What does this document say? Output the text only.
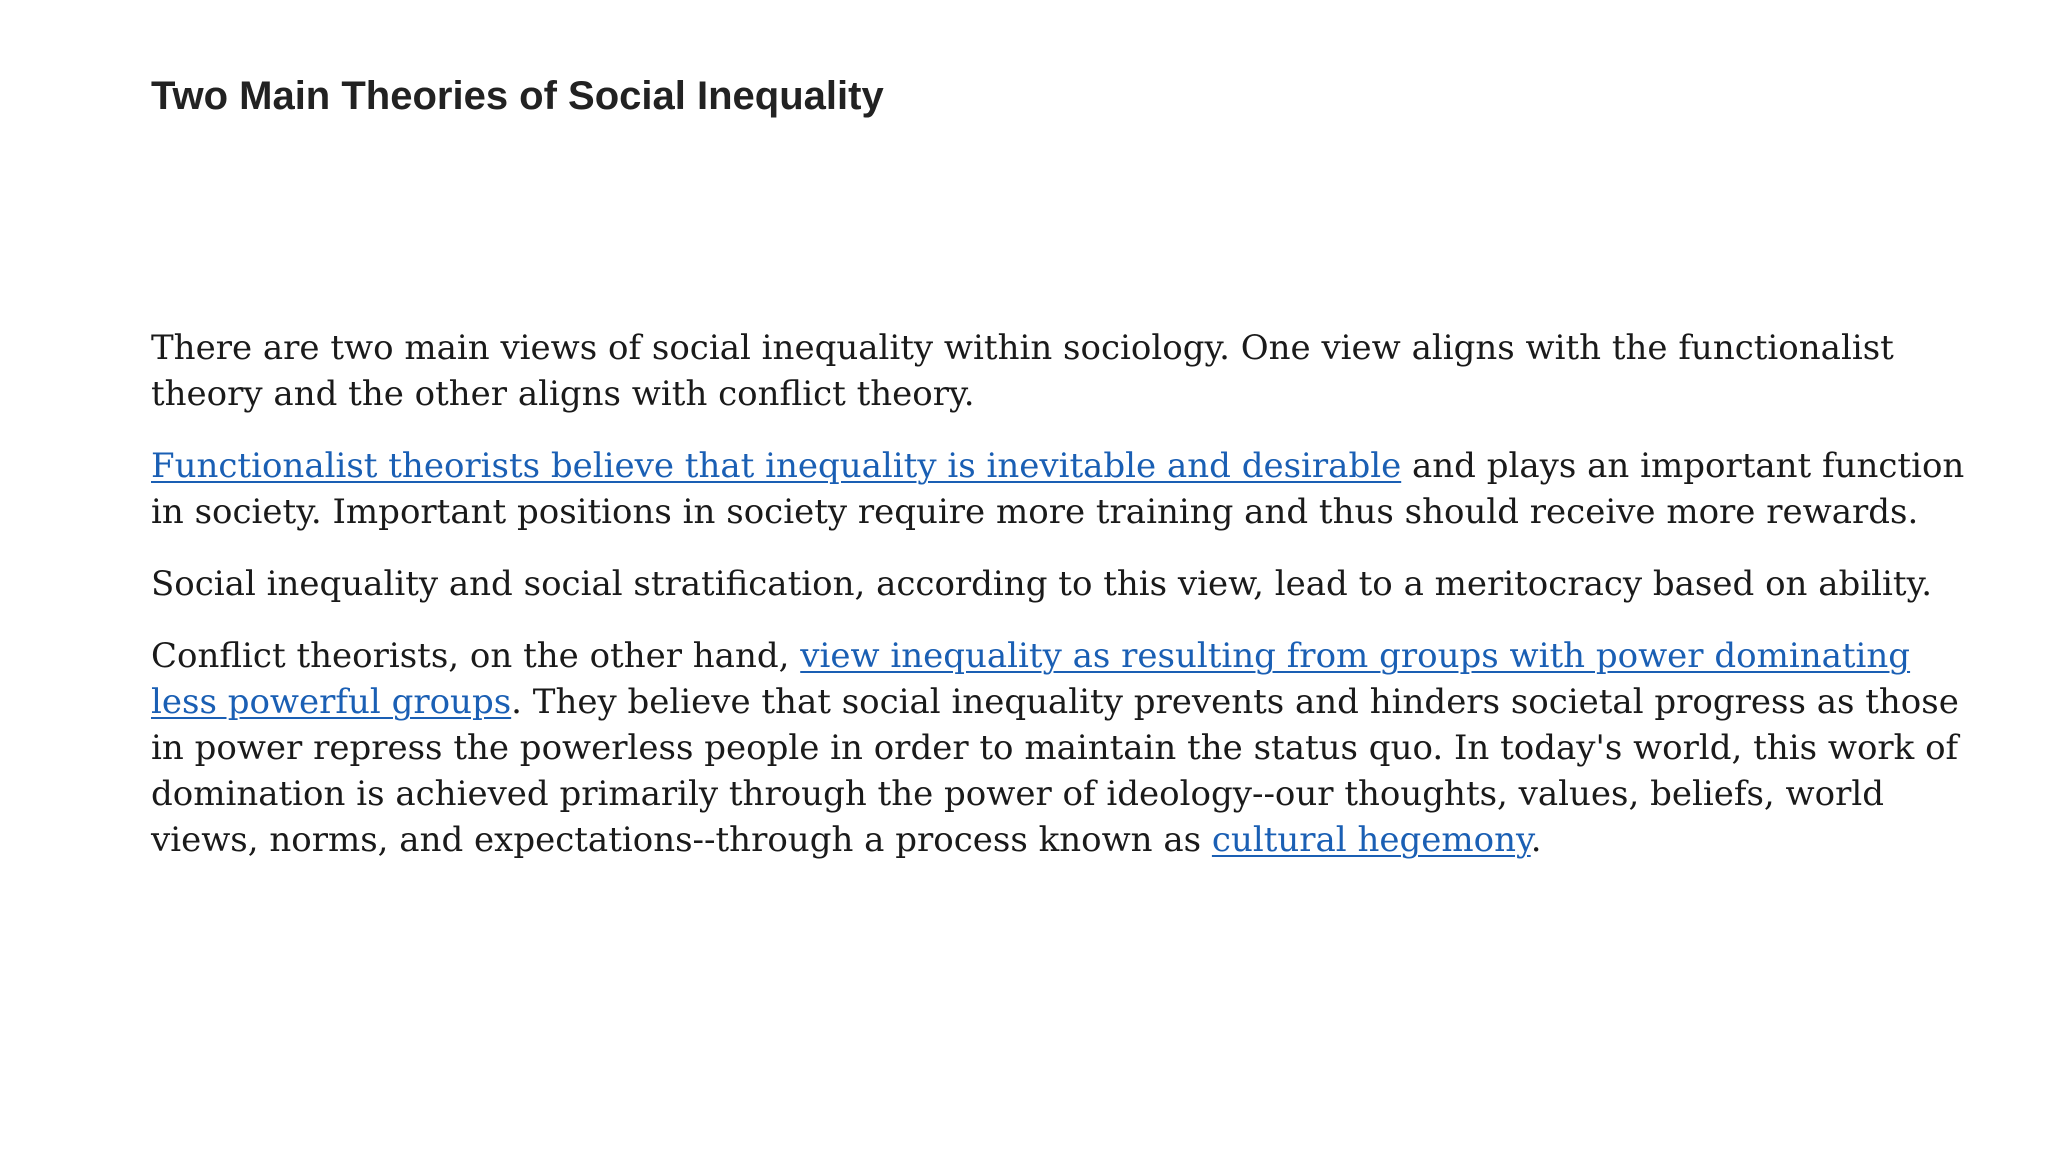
Two Main Theories of Social Inequality

There are two main views of social inequality within sociology. One view aligns with the functionalist theory and the other aligns with conflict theory.

Functionalist theorists believe that inequality is inevitable and desirable and plays an important function in society. Important positions in society require more training and thus should receive more rewards.

Social inequality and social stratification, according to this view, lead to a meritocracy based on ability.

Conflict theorists, on the other hand, view inequality as resulting from groups with power dominating less powerful groups. They believe that social inequality prevents and hinders societal progress as those in power repress the powerless people in order to maintain the status quo. In today's world, this work of domination is achieved primarily through the power of ideology--our thoughts, values, beliefs, world views, norms, and expectations--through a process known as cultural hegemony.
